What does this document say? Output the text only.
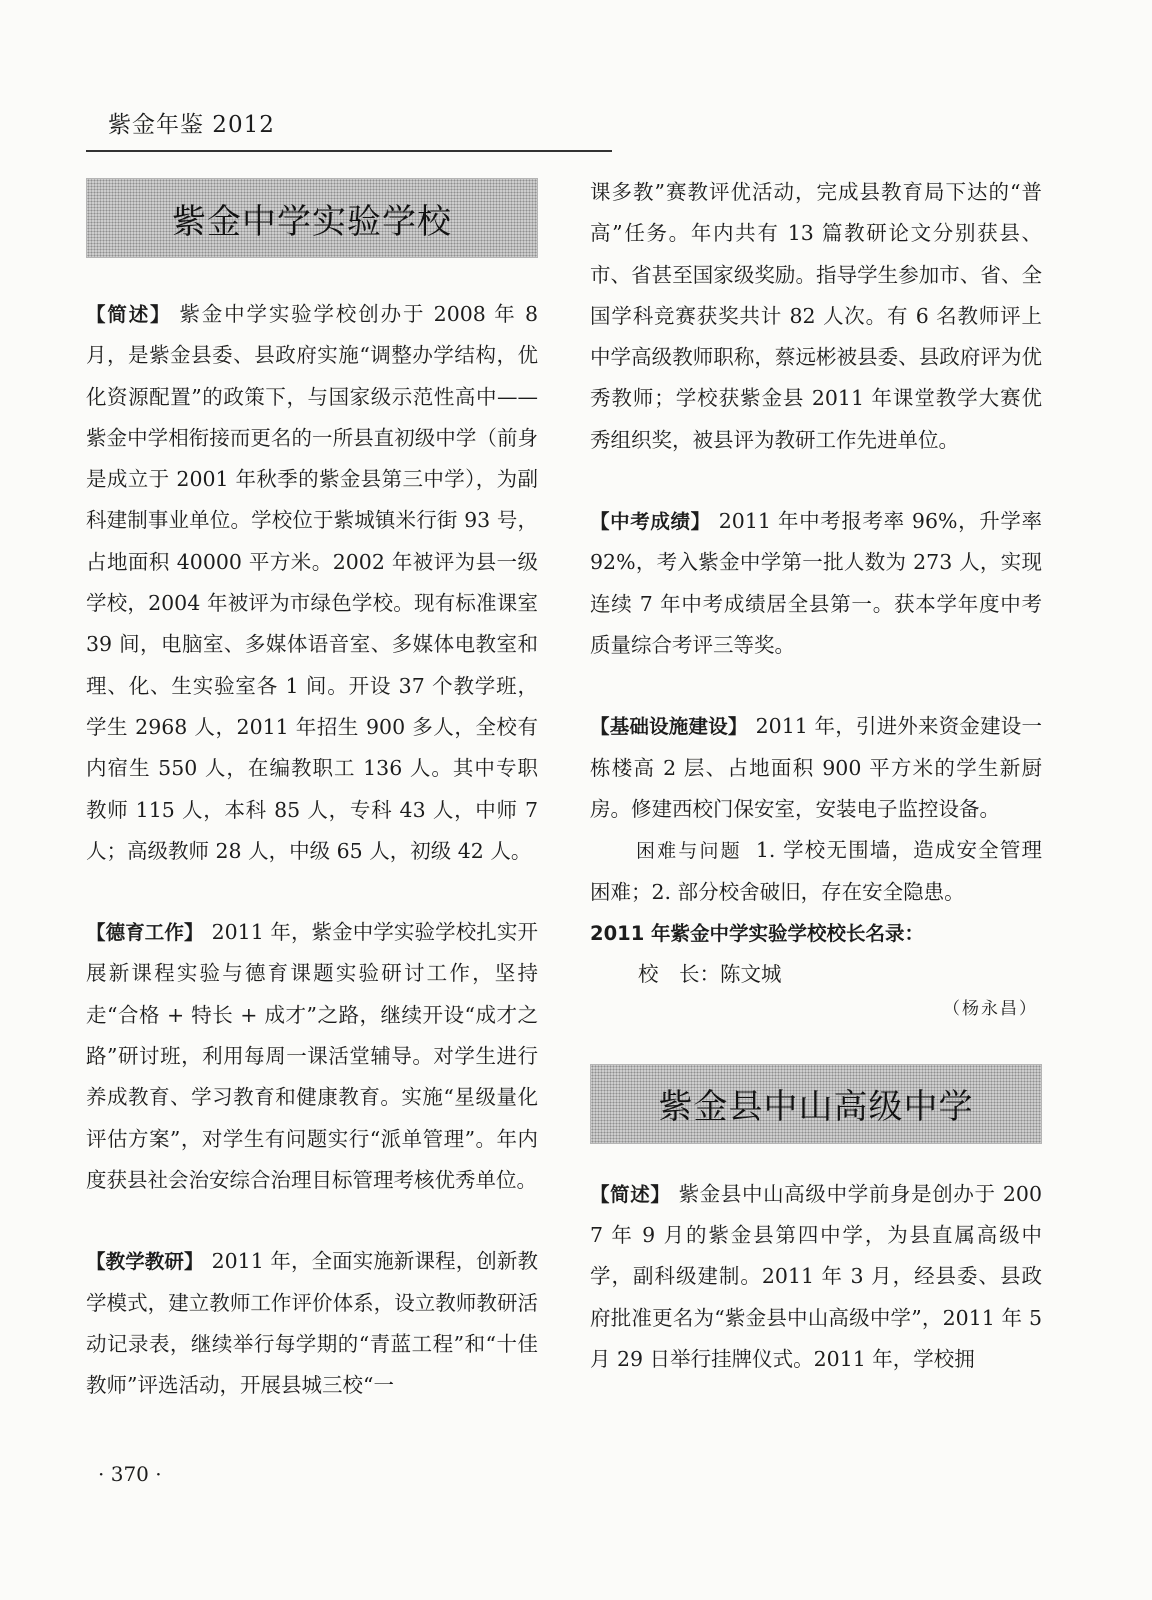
紫金年鉴 2012
紫金中学实验学校

【简述】 紫金中学实验学校创办于 2008 年 8 月，是紫金县委、县政府实施“调整办学结构，优化资源配置”的政策下，与国家级示范性高中——紫金中学相衔接而更名的一所县直初级中学（前身是成立于 2001 年秋季的紫金县第三中学），为副科建制事业单位。学校位于紫城镇米行街 93 号，占地面积 40000 平方米。2002 年被评为县一级学校，2004 年被评为市绿色学校。现有标准课室 39 间，电脑室、多媒体语音室、多媒体电教室和理、化、生实验室各 1 间。开设 37 个教学班，学生 2968 人，2011 年招生 900 多人，全校有内宿生 550 人，在编教职工 136 人。其中专职教师 115 人，本科 85 人，专科 43 人，中师 7 人；高级教师 28 人，中级 65 人，初级 42 人。

【德育工作】 2011 年，紫金中学实验学校扎实开展新课程实验与德育课题实验研讨工作，坚持走“合格 + 特长 + 成才”之路，继续开设“成才之路”研讨班，利用每周一课活堂辅导。对学生进行养成教育、学习教育和健康教育。实施“星级量化评估方案”，对学生有问题实行“派单管理”。年内度获县社会治安综合治理目标管理考核优秀单位。

【教学教研】 2011 年，全面实施新课程，创新教学模式，建立教师工作评价体系，设立教师教研活动记录表，继续举行每学期的“青蓝工程”和“十佳教师”评选活动，开展县城三校“一

课多教”赛教评优活动，完成县教育局下达的“普高”任务。年内共有 13 篇教研论文分别获县、市、省甚至国家级奖励。指导学生参加市、省、全国学科竞赛获奖共计 82 人次。有 6 名教师评上中学高级教师职称，蔡远彬被县委、县政府评为优秀教师；学校获紫金县 2011 年课堂教学大赛优秀组织奖，被县评为教研工作先进单位。

【中考成绩】 2011 年中考报考率 96%，升学率 92%，考入紫金中学第一批人数为 273 人，实现连续 7 年中考成绩居全县第一。获本学年度中考质量综合考评三等奖。

【基础设施建设】 2011 年，引进外来资金建设一栋楼高 2 层、占地面积 900 平方米的学生新厨房。修建西校门保安室，安装电子监控设备。

困难与问题 1. 学校无围墙，造成安全管理困难；2. 部分校舍破旧，存在安全隐患。

2011 年紫金中学实验学校校长名录：
校　长：陈文城
（杨永昌）
紫金县中山高级中学

【简述】 紫金县中山高级中学前身是创办于 2007 年 9 月的紫金县第四中学，为县直属高级中学，副科级建制。2011 年 3 月，经县委、县政府批准更名为“紫金县中山高级中学”，2011 年 5 月 29 日举行挂牌仪式。2011 年，学校拥

· 370 ·
